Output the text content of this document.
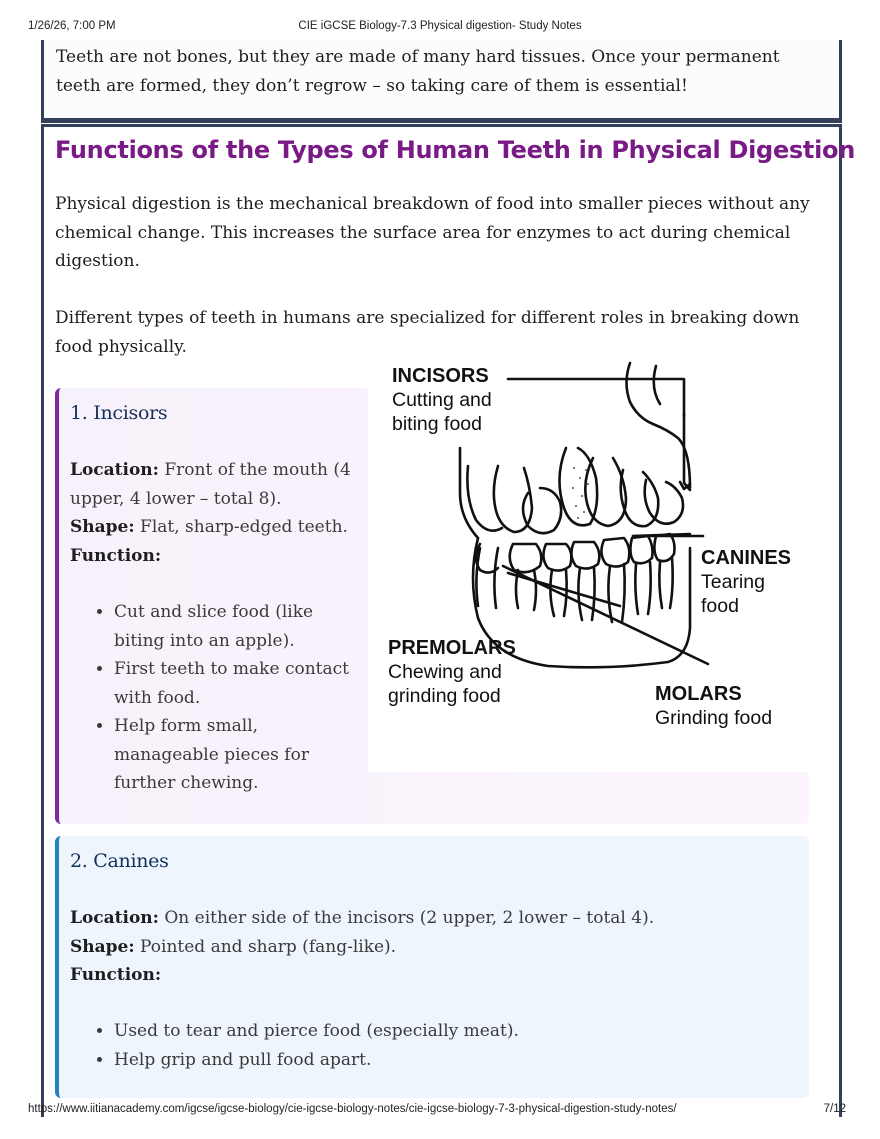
1/26/26, 7:00 PM	CIE iGCSE Biology-7.3 Physical digestion- Study Notes

Teeth are not bones, but they are made of many hard tissues. Once your permanent teeth are formed, they don’t regrow – so taking care of them is essential!

Functions of the Types of Human Teeth in Physical Digestion

Physical digestion is the mechanical breakdown of food into smaller pieces without any chemical change. This increases the surface area for enzymes to act during chemical digestion.

Different types of teeth in humans are specialized for different roles in breaking down food physically.

1. Incisors

Location: Front of the mouth (4

upper, 4 lower – total 8).

Shape: Flat, sharp-edged teeth.

Function:

• Cut and slice food (like
biting into an apple).
• First teeth to make contact
with food.
• Help form small,
manageable pieces for
further chewing.
INCISORS
Cutting and
biting food
CANINES
Tearing
food
PREMOLARS
Chewing and
grinding food	MOLARS
Grinding food
2. Canines

Location: On either side of the incisors (2 upper, 2 lower – total 4).

Shape: Pointed and sharp (fang-like).

Function:

• Used to tear and pierce food (especially meat).
• Help grip and pull food apart.
https://www.iitianacademy.com/igcse/igcse-biology/cie-igcse-biology-notes/cie-igcse-biology-7-3-physical-digestion-study-notes/	7/12
